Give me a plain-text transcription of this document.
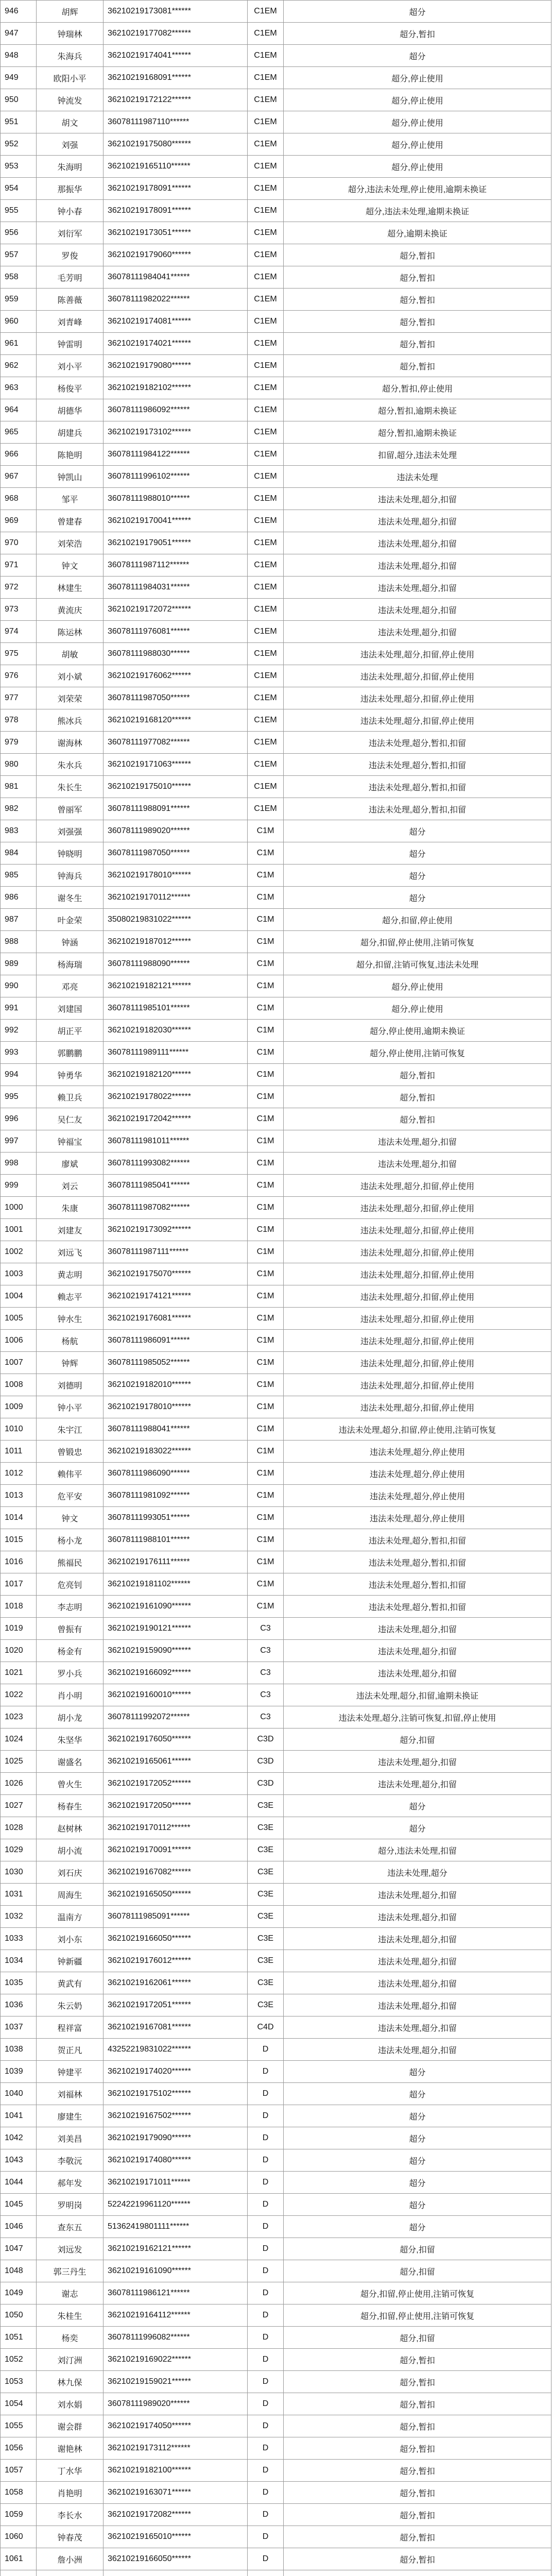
946	胡辉	36210219173081******	C1EM	超分
947	钟瑞林	36210219177082******	C1EM	超分,暂扣
948	朱海兵	36210219174041******	C1EM	超分
949	欧阳小平	36210219168091******	C1EM	超分,停止使用
950	钟流发	36210219172122******	C1EM	超分,停止使用
951	胡文	36078111987110******	C1EM	超分,停止使用
952	刘强	36210219175080******	C1EM	超分,停止使用
953	朱海明	36210219165110******	C1EM	超分,停止使用
954	那振华	36210219178091******	C1EM	超分,违法未处理,停止使用,逾期未换证
955	钟小春	36210219178091******	C1EM	超分,违法未处理,逾期未换证
956	刘衍军	36210219173051******	C1EM	超分,逾期未换证
957	罗俊	36210219179060******	C1EM	超分,暂扣
958	毛芳明	36078111984041******	C1EM	超分,暂扣
959	陈善薇	36078111982022******	C1EM	超分,暂扣
960	刘青峰	36210219174081******	C1EM	超分,暂扣
961	钟雷明	36210219174021******	C1EM	超分,暂扣
962	刘小平	36210219179080******	C1EM	超分,暂扣
963	杨俊平	36210219182102******	C1EM	超分,暂扣,停止使用
964	胡德华	36078111986092******	C1EM	超分,暂扣,逾期未换证
965	胡建兵	36210219173102******	C1EM	超分,暂扣,逾期未换证
966	陈艳明	36078111984122******	C1EM	扣留,超分,违法未处理
967	钟凯山	36078111996102******	C1EM	违法未处理
968	邹平	36078111988010******	C1EM	违法未处理,超分,扣留
969	曾建春	36210219170041******	C1EM	违法未处理,超分,扣留
970	刘荣浩	36210219179051******	C1EM	违法未处理,超分,扣留
971	钟文	36078111987112******	C1EM	违法未处理,超分,扣留
972	林建生	36078111984031******	C1EM	违法未处理,超分,扣留
973	黄流庆	36210219172072******	C1EM	违法未处理,超分,扣留
974	陈运林	36078111976081******	C1EM	违法未处理,超分,扣留
975	胡敏	36078111988030******	C1EM	违法未处理,超分,扣留,停止使用
976	刘小斌	36210219176062******	C1EM	违法未处理,超分,扣留,停止使用
977	刘荣荣	36078111987050******	C1EM	违法未处理,超分,扣留,停止使用
978	熊冰兵	36210219168120******	C1EM	违法未处理,超分,扣留,停止使用
979	谢海林	36078111977082******	C1EM	违法未处理,超分,暂扣,扣留
980	朱水兵	36210219171063******	C1EM	违法未处理,超分,暂扣,扣留
981	朱长生	36210219175010******	C1EM	违法未处理,超分,暂扣,扣留
982	曾丽军	36078111988091******	C1EM	违法未处理,超分,暂扣,扣留
983	刘强强	36078111989020******	C1M	超分
984	钟晓明	36078111987050******	C1M	超分
985	钟海兵	36210219178010******	C1M	超分
986	谢冬生	36210219170112******	C1M	超分
987	叶金荣	35080219831022******	C1M	超分,扣留,停止使用
988	钟涵	36210219187012******	C1M	超分,扣留,停止使用,注销可恢复
989	杨海瑞	36078111988090******	C1M	超分,扣留,注销可恢复,违法未处理
990	邓亮	36210219182121******	C1M	超分,停止使用
991	刘建国	36078111985101******	C1M	超分,停止使用
992	胡正平	36210219182030******	C1M	超分,停止使用,逾期未换证
993	郭鹏鹏	36078111989111******	C1M	超分,停止使用,注销可恢复
994	钟勇华	36210219182120******	C1M	超分,暂扣
995	赖卫兵	36210219178022******	C1M	超分,暂扣
996	吴仁友	36210219172042******	C1M	超分,暂扣
997	钟福宝	36078111981011******	C1M	违法未处理,超分,扣留
998	廖斌	36078111993082******	C1M	违法未处理,超分,扣留
999	刘云	36078111985041******	C1M	违法未处理,超分,扣留,停止使用
1000	朱康	36078111987082******	C1M	违法未处理,超分,扣留,停止使用
1001	刘建友	36210219173092******	C1M	违法未处理,超分,扣留,停止使用
1002	刘远飞	36078111987111******	C1M	违法未处理,超分,扣留,停止使用
1003	黄志明	36210219175070******	C1M	违法未处理,超分,扣留,停止使用
1004	赖志平	36210219174121******	C1M	违法未处理,超分,扣留,停止使用
1005	钟水生	36210219176081******	C1M	违法未处理,超分,扣留,停止使用
1006	杨航	36078111986091******	C1M	违法未处理,超分,扣留,停止使用
1007	钟辉	36078111985052******	C1M	违法未处理,超分,扣留,停止使用
1008	刘德明	36210219182010******	C1M	违法未处理,超分,扣留,停止使用
1009	钟小平	36210219178010******	C1M	违法未处理,超分,扣留,停止使用
1010	朱宇江	36078111988041******	C1M	违法未处理,超分,扣留,停止使用,注销可恢复
1011	曾锻忠	36210219183022******	C1M	违法未处理,超分,停止使用
1012	赖伟平	36078111986090******	C1M	违法未处理,超分,停止使用
1013	危平安	36078111981092******	C1M	违法未处理,超分,停止使用
1014	钟文	36078111993051******	C1M	违法未处理,超分,停止使用
1015	杨小龙	36078111988101******	C1M	违法未处理,超分,暂扣,扣留
1016	熊福民	36210219176111******	C1M	违法未处理,超分,暂扣,扣留
1017	危亮钊	36210219181102******	C1M	违法未处理,超分,暂扣,扣留
1018	李志明	36210219161090******	C1M	违法未处理,超分,暂扣,扣留
1019	曾振有	36210219190121******	C3	违法未处理,超分,扣留
1020	杨金有	36210219159090******	C3	违法未处理,超分,扣留
1021	罗小兵	36210219166092******	C3	违法未处理,超分,扣留
1022	肖小明	36210219160010******	C3	违法未处理,超分,扣留,逾期未换证
1023	胡小龙	36078111992072******	C3	违法未处理,超分,注销可恢复,扣留,停止使用
1024	朱坚华	36210219176050******	C3D	超分,扣留
1025	谢盛名	36210219165061******	C3D	违法未处理,超分,扣留
1026	曾火生	36210219172052******	C3D	违法未处理,超分,扣留
1027	杨春生	36210219172050******	C3E	超分
1028	赵树林	36210219170112******	C3E	超分
1029	胡小流	36210219170091******	C3E	超分,违法未处理,扣留
1030	刘石庆	36210219167082******	C3E	违法未处理,超分
1031	周海生	36210219165050******	C3E	违法未处理,超分,扣留
1032	温南方	36078111985091******	C3E	违法未处理,超分,扣留
1033	刘小东	36210219166050******	C3E	违法未处理,超分,扣留
1034	钟新疆	36210219176012******	C3E	违法未处理,超分,扣留
1035	黄武有	36210219162061******	C3E	违法未处理,超分,扣留
1036	朱云奶	36210219172051******	C3E	违法未处理,超分,扣留
1037	程祥富	36210219167081******	C4D	违法未处理,超分,扣留
1038	贺正凡	43252219831022******	D	违法未处理,超分,扣留
1039	钟建平	36210219174020******	D	超分
1040	刘福林	36210219175102******	D	超分
1041	廖建生	36210219167502******	D	超分
1042	刘美昌	36210219179090******	D	超分
1043	李敬沅	36210219174080******	D	超分
1044	郝年发	36210219171011******	D	超分
1045	罗明岗	52242219961120******	D	超分
1046	查东五	51362419801111******	D	超分
1047	刘远发	36210219162121******	D	超分,扣留
1048	郭三丹生	36210219161090******	D	超分,扣留
1049	谢志	36078111986121******	D	超分,扣留,停止使用,注销可恢复
1050	朱桂生	36210219164112******	D	超分,扣留,停止使用,注销可恢复
1051	杨奕	36078111996082******	D	超分,扣留
1052	刘汀洲	36210219169022******	D	超分,暂扣
1053	林九保	36210219159021******	D	超分,暂扣
1054	刘水娟	36078111989020******	D	超分,暂扣
1055	谢会群	36210219174050******	D	超分,暂扣
1056	谢艳林	36210219173112******	D	超分,暂扣
1057	丁水华	36210219182100******	D	超分,暂扣
1058	肖艳明	36210219163071******	D	超分,暂扣
1059	李长水	36210219172082******	D	超分,暂扣
1060	钟春茂	36210219165010******	D	超分,暂扣
1061	詹小洲	36210219166050******	D	超分,暂扣
